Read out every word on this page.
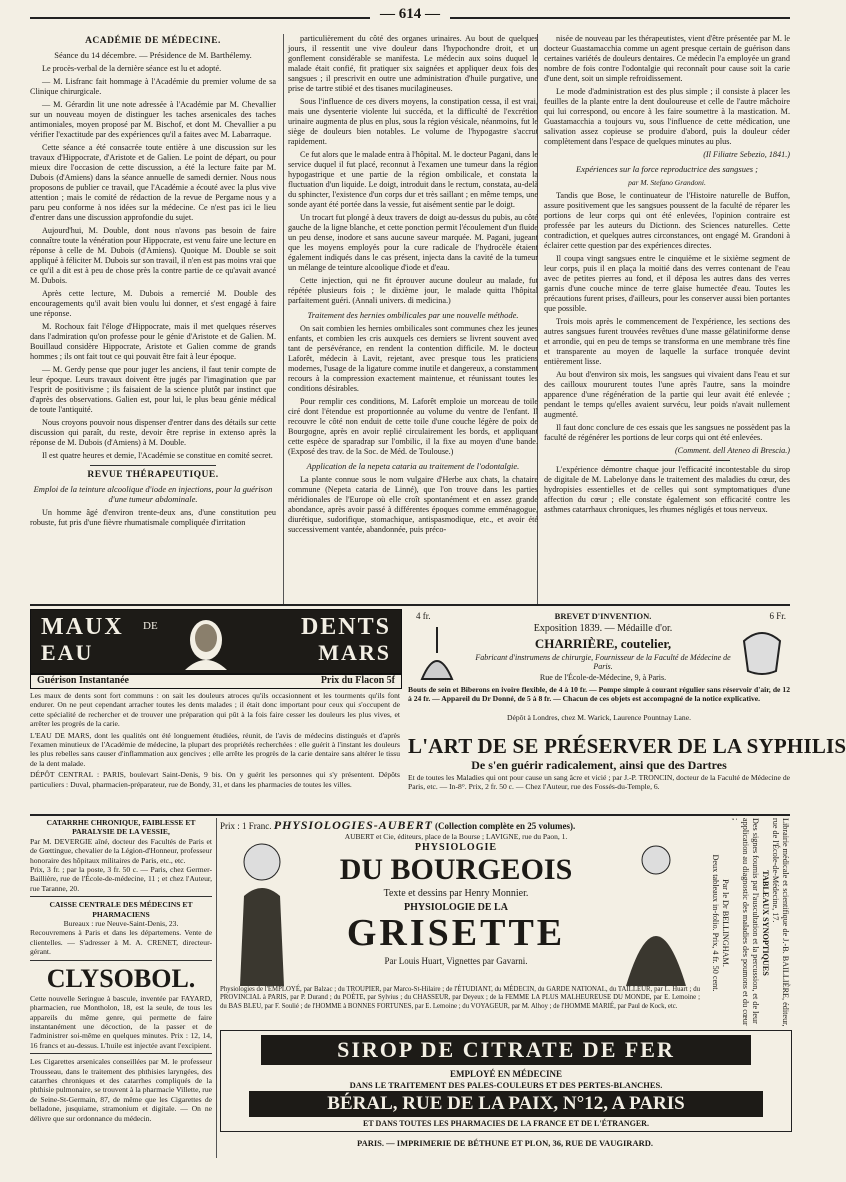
— 614 —
ACADÉMIE DE MÉDECINE.

Séance du 14 décembre. — Présidence de M. Barthélemy.

Le procès-verbal de la dernière séance est lu et adopté.

— M. Lisfranc fait hommage à l'Académie du premier volume de sa Clinique chirurgicale.

— M. Gérardin lit une note adressée à l'Académie par M. Chevallier sur un nouveau moyen de distinguer les taches arsenicales des taches antimoniales, moyen proposé par M. Bischof, et dont M. Chevallier a pu vérifier l'exactitude par des expériences qu'il a faites avec M. Labarraque.

Cette séance a été consacrée toute entière à une discussion sur les travaux d'Hippocrate, d'Aristote et de Galien. Le point de départ, ou pour mieux dire l'occasion de cette discussion, a été la lecture faite par M. Dubois (d'Amiens) dans la séance annuelle de samedi dernier. Nous nous proposons de publier ce travail, que l'Académie a écouté avec la plus vive attention ; mais le comité de rédaction de la revue de Pergame nous y a paru peu conforme à nos idées sur la médecine. Ce n'est pas ici le lieu d'entrer dans une discussion approfondie du sujet.

Aujourd'hui, M. Double, dont nous n'avons pas besoin de faire connaître toute la vénération pour Hippocrate, est venu faire une lecture en réponse à celle de M. Dubois (d'Amiens). Quoique M. Double se soit appliqué à féliciter M. Dubois sur son travail, il n'en est pas moins vrai que ce qu'il a dit est à peu de chose près la contre partie de ce qu'avait avancé M. Dubois.

Après cette lecture, M. Dubois a remercié M. Double des encouragements qu'il avait bien voulu lui donner, et s'est engagé à faire une réponse.

M. Rochoux fait l'éloge d'Hippocrate, mais il met quelques réserves dans l'admiration qu'on professe pour le génie d'Aristote et de Galien. M. Bouillaud considère Hippocrate, Aristote et Galien comme de grands hommes ; ils ont fait tout ce qui pouvait être fait à leur époque.

— M. Gerdy pense que pour juger les anciens, il faut tenir compte de leur époque. Leurs travaux doivent être jugés par l'imagination que par l'esprit de positivisme ; ils faisaient de la science plutôt par instinct que d'après des observations. Galien est, pour lui, le plus beau génie médical de toute l'antiquité.

Nous croyons pouvoir nous dispenser d'entrer dans des détails sur cette discussion qui paraît, du reste, devoir être reprise in extenso après la réponse de M. Dubois (d'Amiens) à M. Double.

Il est quatre heures et demie, l'Académie se constitue en comité secret.

REVUE THÉRAPEUTIQUE.

Emploi de la teinture alcoolique d'iode en injections, pour la guérison d'une tumeur abdominale.

Un homme âgé d'environ trente-deux ans, d'une constitution peu robuste, fut pris d'une fièvre rhumatismale compliquée d'irritation

particulièrement du côté des organes urinaires. Au bout de quelques jours, il ressentit une vive douleur dans l'hypochondre droit, et un gonflement considérable se manifesta. Le médecin aux soins duquel le malade était confié, fit pratiquer six saignées et appliquer deux fois des sangsues ; il prescrivit en outre une administration d'huile purgative, une prise de tartre stibié et des tisanes mucilagineuses.

Sous l'influence de ces divers moyens, la constipation cessa, il est vrai, mais une dysenterie violente lui succéda, et la difficulté de l'excrétion urinaire augmenta de plus en plus, sous la région vésicale, néanmoins, fut le siège de douleurs bien notables. Le volume de l'hypogastre s'accrut rapidement.

Ce fut alors que le malade entra à l'hôpital. M. le docteur Pagani, dans le service duquel il fut placé, reconnut à l'examen une tumeur dans la région hypogastrique et une partie de la région ombilicale, et constata la fluctuation d'un liquide. Le doigt, introduit dans le rectum, constata, au-delà du sphincter, l'existence d'un corps dur et très saillant ; en même temps, une sonde ayant été portée dans la vessie, fut aisément sentie par le doigt.

Un trocart fut plongé à deux travers de doigt au-dessus du pubis, au côté gauche de la ligne blanche, et cette ponction permit l'écoulement d'un fluide un peu dense, inodore et sans aucune saveur marquée. M. Pagani, jugeant que les moyens employés pour la cure radicale de l'hydrocèle étaient également indiqués dans le cas présent, injecta dans la cavité de la tumeur un mélange de teinture alcoolique d'iode et d'eau.

Cette injection, qui ne fit éprouver aucune douleur au malade, fut répétée plusieurs fois ; le dixième jour, le malade quitta l'hôpital parfaitement guéri. (Annali univers. di medicina.)

Traitement des hernies ombilicales par une nouvelle méthode.

On sait combien les hernies ombilicales sont communes chez les jeunes enfants, et combien les cris auxquels ces derniers se livrent souvent avec tant de persévérance, en rendent la contention difficile. M. le docteur Laforêt, médecin à Lavit, rejetant, avec presque tous les praticiens modernes, l'usage de la ligature comme inutile et dangereux, a constamment recours à la compression exactement maintenue, et réunissant toutes les conditions désirables.

Pour remplir ces conditions, M. Laforêt emploie un morceau de toile ciré dont l'étendue est proportionnée au volume du ventre de l'enfant. Il recouvre le côté non enduit de cette toile d'une couche légère de poix de Bourgogne, après en avoir replié circulairement les bords, et appliquant cette espèce de sparadrap sur l'ombilic, il la fixe au moyen d'une bande. (Exposé des trav. de la Soc. de Méd. de Toulouse.)

Application de la nepeta cataria au traitement de l'odontalgie.

La plante connue sous le nom vulgaire d'Herbe aux chats, la chataire commune (Nepeta cataria de Linné), que l'on trouve dans les parties méridionales de l'Europe où elle croît spontanément et en assez grande abondance, après avoir passé à différentes époques comme emménagogue, diurétique, sudorifique, stomachique, antispasmodique, etc., et avoir été successivement vantée, abandonnée, puis préco-

nisée de nouveau par les thérapeutistes, vient d'être présentée par M. le docteur Guastamacchia comme un agent presque certain de guérison dans certaines variétés de douleurs dentaires. Ce médecin l'a employée un grand nombre de fois contre l'odontalgie qui reconnaît pour cause soit la carie d'une dent, soit un simple refroidissement.

Le mode d'administration est des plus simple ; il consiste à placer les feuilles de la plante entre la dent douloureuse et celle de l'autre mâchoire qui lui correspond, ou encore à les faire soumettre à la mastication. M. Guastamacchia a toujours vu, sous l'influence de cette médication, une salivation assez copieuse se produire d'abord, puis la douleur céder complètement dans l'espace de quelques minutes au plus.

(Il Filiatre Sebezio, 1841.)

Expériences sur la force reproductrice des sangsues ;

par M. Stefano Grandoni.

Tandis que Bose, le continuateur de l'Histoire naturelle de Buffon, assure positivement que les sangsues poussent de la faculté de réparer les portions de leur corps qui ont été enlevées, l'opinion contraire est professée par les auteurs du Dictionn. des Sciences naturelles. Cette contradiction, et quelques autres circonstances, ont engagé M. Grandoni à éclairer cette question par des expériences directes.

Il coupa vingt sangsues entre le cinquième et le sixième segment de leur corps, puis il en plaça la moitié dans des verres contenant de l'eau avec de petites pierres au fond, et il déposa les autres dans des verres garnis d'une couche mince de terre glaise humectée d'eau. Toutes les précautions furent prises, d'ailleurs, pour les conserver aussi bien portantes que possible.

Trois mois après le commencement de l'expérience, les sections des autres sangsues furent trouvées revêtues d'une masse gélatiniforme dense et arrondie, qui en peu de temps se transforma en une membrane très fine et transparente au moyen de laquelle la surface tronquée devint entièrement lisse.

Au bout d'environ six mois, les sangsues qui vivaient dans l'eau et sur des cailloux moururent toutes l'une après l'autre, sans la moindre apparence d'une régénération de la partie qui leur avait été enlevée ; pendant le temps qu'elles avaient survécu, leur poids n'avait nullement augmenté.

Il faut donc conclure de ces essais que les sangsues ne possèdent pas la faculté de régénérer les portions de leur corps qui ont été enlevées.

(Comment. dell Ateneo di Brescia.)

L'expérience démontre chaque jour l'efficacité incontestable du sirop de digitale de M. Labelonye dans le traitement des maladies du cœur, des hydropisies essentielles et de celles qui sont symptomatiques d'une affection du cœur ; elle constate également son efficacité contre les asthmes catarrhaux chroniques, les rhumes négligés et tous nerveux.

MAUX DE
EAU
DENTS
MARS
Guérison Instantanée	Prix du Flacon 5f
Les maux de dents sont fort communs : on sait les douleurs atroces qu'ils occasionnent et les tourments qu'ils font endurer. On ne peut cependant arracher toutes les dents malades ; il était donc important pour ceux qui s'occupent de cette spécialité de rechercher et de trouver une préparation qui pût à la fois faire cesser les douleurs les plus vives, et arrêter les progrès de la carie.
L'EAU DE MARS, dont les qualités ont été longuement étudiées, réunit, de l'avis de médecins distingués et d'après l'examen minutieux de l'Académie de médecine, la plupart des propriétés recherchées : elle guérit à l'instant les douleurs les plus rebelles sans causer d'inflammation aux gencives ; elle arrête les progrès de la carie dentaire sans altérer le tissu de la dent malade.
DÉPÔT CENTRAL : PARIS, boulevart Saint-Denis, 9 bis. On y guérit les personnes qui s'y présentent. Dépôts particuliers : Duval, pharmacien-préparateur, rue de Bondy, 31, et dans les pharmacies de toutes les villes.
4 fr.	BREVET D'INVENTION.
Exposition 1839. — Médaille d'or.
CHARRIÈRE, coutelier,
Fabricant d'instrumens de chirurgie, Fournisseur de la Faculté de Médecine de Paris.
Rue de l'École-de-Médecine, 9, à Paris.
6 Fr.
Bouts de sein et Biberons en ivoire flexible, de 4 à 10 fr. — Pompe simple à courant régulier sans réservoir d'air, de 12 à 24 fr. — Appareil du Dr Donné, de 5 à 8 fr. — Chacun de ces objets est accompagné de la notice explicative.
Dépôt à Londres, chez M. Warick, Laurence Pountnay Lane.
L'ART DE SE PRÉSERVER DE LA SYPHILIS
De s'en guérir radicalement, ainsi que des Dartres
Et de toutes les Maladies qui ont pour cause un sang âcre et vicié ; par J.-P. TRONCIN, docteur de la Faculté de Médecine de Paris, etc. — In-8°. Prix, 2 fr. 50 c. — Chez l'Auteur, rue des Fossés-du-Temple, 6.
CATARRHE CHRONIQUE, FAIBLESSE ET PARALYSIE DE LA VESSIE,
Par M. DEVERGIE aîné, docteur des Facultés de Paris et de Gœttingue, chevalier de la Légion-d'Honneur, professeur honoraire des hôpitaux militaires de Paris, etc., etc.
Prix, 3 fr. ; par la poste, 3 fr. 50 c. — Paris, chez Germer-Baillière, rue de l'École-de-médecine, 11 ; et chez l'Auteur, rue Taranne, 20.
CAISSE CENTRALE DES MÉDECINS ET PHARMACIENS
Bureaux : rue Neuve-Saint-Denis, 23.
Recouvremens à Paris et dans les départemens. Vente de clientelles. — S'adresser à M. A. CRENET, directeur-gérant.
CLYSOBOL.
Cette nouvelle Seringue à bascule, inventée par FAYARD, pharmacien, rue Montholon, 18, est la seule, de tous les appareils du même genre, qui permette de faire instantanément une décoction, de la passer et de l'administrer soi-même en quelques minutes. Prix : 12, 14, 16 francs et au-dessus. L'huile est injectée avant l'excipient.
Les Cigarettes arsenicales conseillées par M. le professeur Trousseau, dans le traitement des phthisies laryngées, des catarrhes chroniques et des catarrhes compliqués de la phthisie pulmonaire, se trouvent à la pharmacie Villette, rue de Seine-St-Germain, 87, de même que les Cigarettes de belladone, jusquiame, stramonium et digitale. — On ne délivre que sur ordonnance du médecin.
Prix : 1 Franc. PHYSIOLOGIES-AUBERT (Collection complète en 25 volumes).
AUBERT et Cie, éditeurs, place de la Bourse ; LAVIGNE, rue du Paon, 1.
PHYSIOLOGIE
DU BOURGEOIS
Texte et dessins par Henry Monnier.
PHYSIOLOGIE DE LA
GRISETTE
Par Louis Huart, Vignettes par Gavarni.
Physiologies de l'EMPLOYÉ, par Balzac ; du TROUPIER, par Marco-St-Hilaire ; de l'ÉTUDIANT, du MÉDECIN, du GARDE NATIONAL, du TAILLEUR, par L. Huart ; du PROVINCIAL à PARIS, par P. Durand ; du POÈTE, par Sylvius ; du CHASSEUR, par Deyeux ; de la FEMME LA PLUS MALHEUREUSE DU MONDE, par E. Lemoine ; du BAS BLEU, par F. Soulié ; de l'HOMME à BONNES FORTUNES, par E. Lemoine ; du VOYAGEUR, par M. Alhoy ; de l'HOMME MARIÉ, par Paul de Kock, etc.	Librairie médicale et scientifique de J.-B. BAILLIÈRE, éditeur, rue de l'École-de-Médecine, 17.
TABLEAUX SYNOPTIQUES
Des signes fournis par l'auscultation et la percussion, et de leur application au diagnostic des maladies des poumons et du cœur ;
Par le Dr BELLINGHAM.
Deux tableaux in-folio. Prix, 4 fr. 50 cent.
SIROP DE CITRATE DE FER
EMPLOYÉ EN MÉDECINE
DANS LE TRAITEMENT DES PALES-COULEURS ET DES PERTES-BLANCHES.
BÉRAL, RUE DE LA PAIX, N°12, A PARIS
ET DANS TOUTES LES PHARMACIES DE LA FRANCE ET DE L'ÉTRANGER.
PARIS. — IMPRIMERIE DE BÉTHUNE ET PLON, 36, RUE DE VAUGIRARD.
